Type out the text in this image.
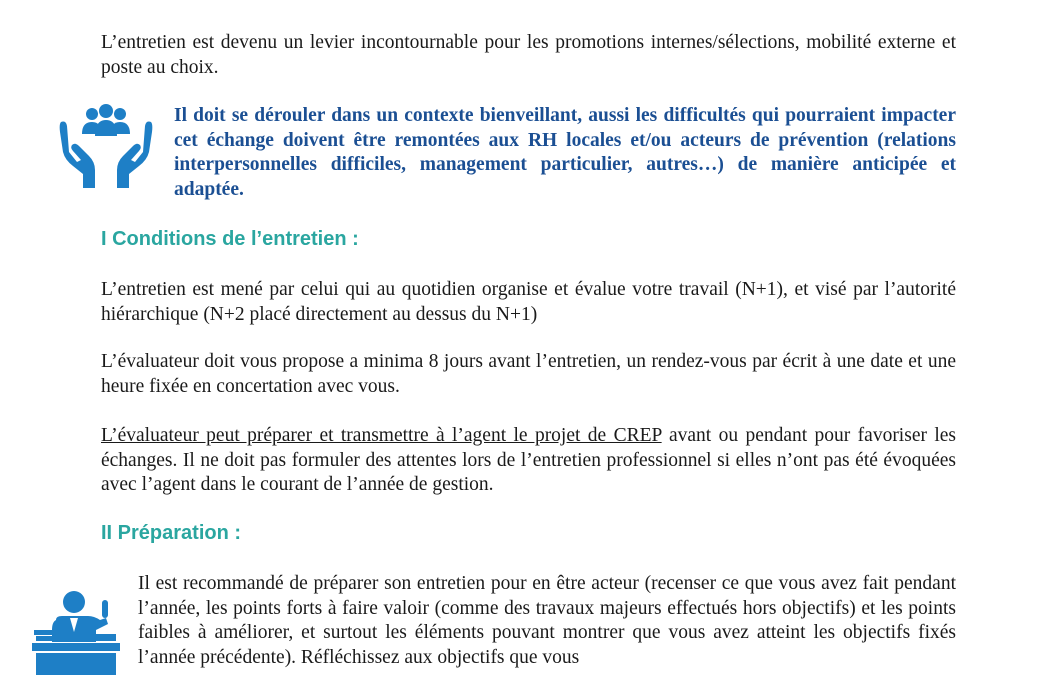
L’entretien est devenu un levier incontournable pour les promotions internes/sélections, mobilité externe et poste au choix.

Il doit se dérouler dans un contexte bienveillant, aussi les difficultés qui pourraient impacter cet échange doivent être remontées aux RH locales et/ou acteurs de prévention (relations interpersonnelles difficiles, management particulier, autres…) de manière anticipée et adaptée.

I Conditions de l’entretien :

L’entretien est mené par celui qui au quotidien organise et évalue votre travail (N+1), et visé par l’autorité hiérarchique (N+2 placé directement au dessus du N+1)

L’évaluateur doit vous propose a minima 8 jours avant l’entretien, un rendez-vous par écrit à une date et une heure fixée en concertation avec vous.

L’évaluateur peut préparer et transmettre à l’agent le projet de CREP avant ou pendant pour favoriser les échanges. Il ne doit pas formuler des attentes lors de l’entretien professionnel si elles n’ont pas été évoquées avec l’agent dans le courant de l’année de gestion.

II Préparation :

Il est recommandé de préparer son entretien pour en être acteur (recenser ce que vous avez fait pendant l’année, les points forts à faire valoir (comme des travaux majeurs effectués hors objectifs) et les points faibles à améliorer, et surtout les éléments pouvant montrer que vous avez atteint les objectifs fixés l’année précédente). Réfléchissez aux objectifs que vous
